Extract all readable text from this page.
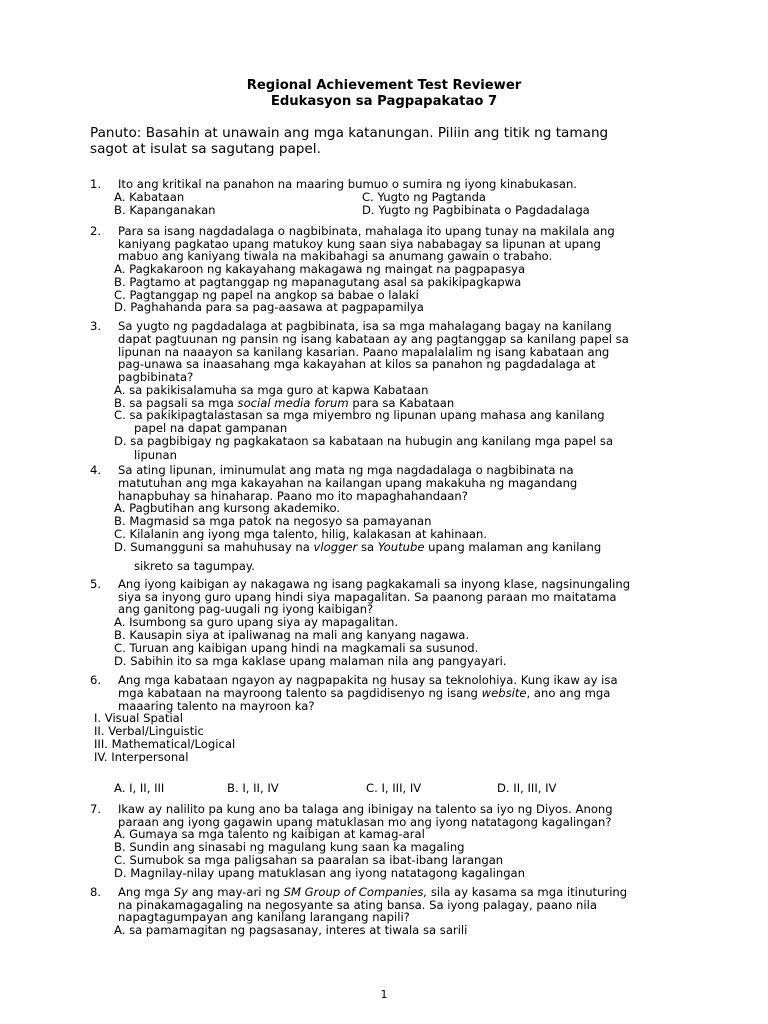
Regional Achievement Test Reviewer
Edukasyon sa Pagpapakatao 7
Panuto: Basahin at unawain ang mga katanungan. Piliin ang titik ng tamang
sagot at isulat sa sagutang papel.
1. Ito ang kritikal na panahon na maaring bumuo o sumira ng iyong kinabukasan.
A. Kabataan	C. Yugto ng Pagtanda
B. Kapanganakan	D. Yugto ng Pagbibinata o Pagdadalaga
2. Para sa isang nagdadalaga o nagbibinata, mahalaga ito upang tunay na makilala ang
kaniyang pagkatao upang matukoy kung saan siya nababagay sa lipunan at upang
mabuo ang kaniyang tiwala na makibahagi sa anumang gawain o trabaho.
A. Pagkakaroon ng kakayahang makagawa ng maingat na pagpapasya
B. Pagtamo at pagtanggap ng mapanagutang asal sa pakikipagkapwa
C. Pagtanggap ng papel na angkop sa babae o lalaki
D. Paghahanda para sa pag-aasawa at pagpapamilya
3. Sa yugto ng pagdadalaga at pagbibinata, isa sa mga mahalagang bagay na kanilang
dapat pagtuunan ng pansin ng isang kabataan ay ang pagtanggap sa kanilang papel sa
lipunan na naaayon sa kanilang kasarian. Paano mapalalalim ng isang kabataan ang
pag-unawa sa inaasahang mga kakayahan at kilos sa panahon ng pagdadalaga at
pagbibinata?
A. sa pakikisalamuha sa mga guro at kapwa Kabataan
B. sa pagsali sa mga social media forum para sa Kabataan
C. sa pakikipagtalastasan sa mga miyembro ng lipunan upang mahasa ang kanilang
papel na dapat gampanan
D. sa pagbibigay ng pagkakataon sa kabataan na hubugin ang kanilang mga papel sa
lipunan
4. Sa ating lipunan, iminumulat ang mata ng mga nagdadalaga o nagbibinata na
matutuhan ang mga kakayahan na kailangan upang makakuha ng magandang
hanapbuhay sa hinaharap. Paano mo ito mapaghahandaan?
A. Pagbutihan ang kursong akademiko.
B. Magmasid sa mga patok na negosyo sa pamayanan
C. Kilalanin ang iyong mga talento, hilig, kalakasan at kahinaan.
D. Sumangguni sa mahuhusay na vlogger sa Youtube upang malaman ang kanilang
sikreto sa tagumpay.
5. Ang iyong kaibigan ay nakagawa ng isang pagkakamali sa inyong klase, nagsinungaling
siya sa inyong guro upang hindi siya mapagalitan. Sa paanong paraan mo maitatama
ang ganitong pag-uugali ng iyong kaibigan?
A. Isumbong sa guro upang siya ay mapagalitan.
B. Kausapin siya at ipaliwanag na mali ang kanyang nagawa.
C. Turuan ang kaibigan upang hindi na magkamali sa susunod.
D. Sabihin ito sa mga kaklase upang malaman nila ang pangyayari.
6. Ang mga kabataan ngayon ay nagpapakita ng husay sa teknolohiya. Kung ikaw ay isa
mga kabataan na mayroong talento sa pagdidisenyo ng isang website, ano ang mga
maaaring talento na mayroon ka?
I. Visual Spatial
II. Verbal/Linguistic
III. Mathematical/Logical
IV. Interpersonal
A. I, II, III	B. I, II, IV	C. I, III, IV	D. II, III, IV
7. Ikaw ay nalilito pa kung ano ba talaga ang ibinigay na talento sa iyo ng Diyos. Anong
paraan ang iyong gagawin upang matuklasan mo ang iyong natatagong kagalingan?
A. Gumaya sa mga talento ng kaibigan at kamag-aral
B. Sundin ang sinasabi ng magulang kung saan ka magaling
C. Sumubok sa mga paligsahan sa paaralan sa ibat-ibang larangan
D. Magnilay-nilay upang matuklasan ang iyong natatagong kagalingan
8. Ang mga Sy ang may-ari ng SM Group of Companies, sila ay kasama sa mga itinuturing
na pinakamagagaling na negosyante sa ating bansa. Sa iyong palagay, paano nila
napagtagumpayan ang kanilang larangang napili?
A. sa pamamagitan ng pagsasanay, interes at tiwala sa sarili
1
